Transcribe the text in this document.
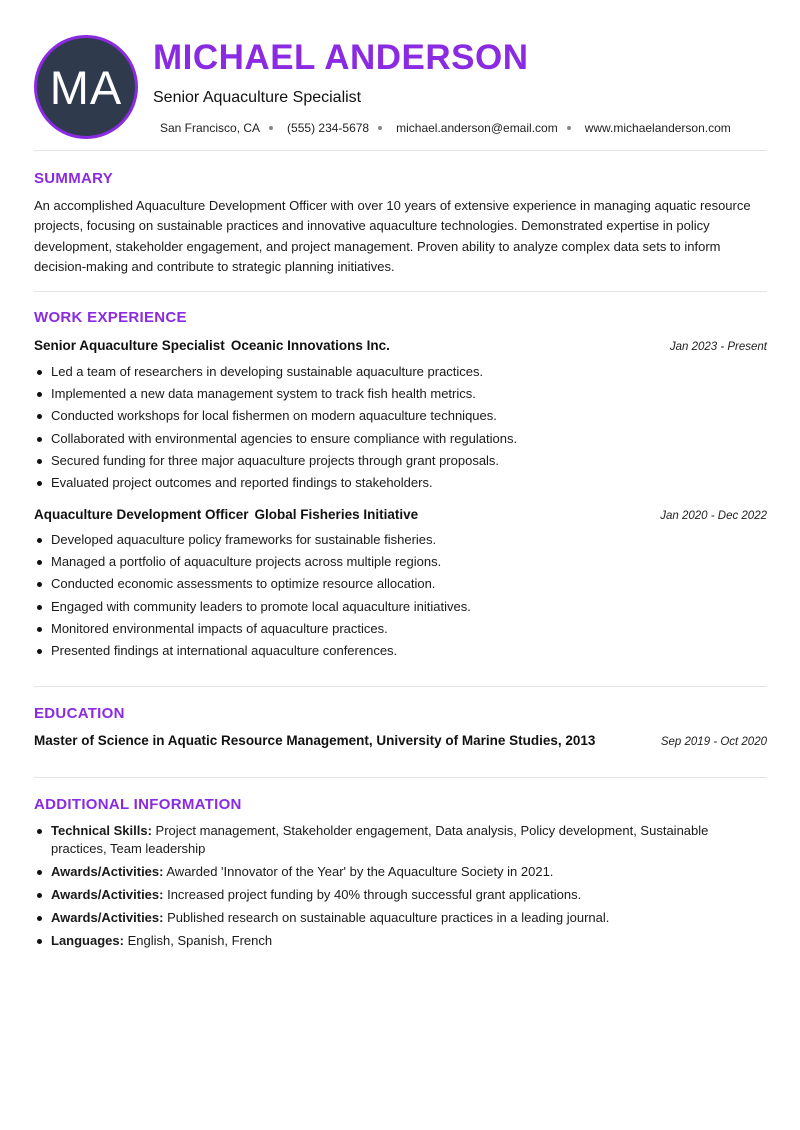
MA
MICHAEL ANDERSON
Senior Aquaculture Specialist
San Francisco, CA (555) 234-5678 michael.anderson@email.com www.michaelanderson.com
SUMMARY

An accomplished Aquaculture Development Officer with over 10 years of extensive experience in managing aquatic resource projects, focusing on sustainable practices and innovative aquaculture technologies. Demonstrated expertise in policy development, stakeholder engagement, and project management. Proven ability to analyze complex data sets to inform decision-making and contribute to strategic planning initiatives.

WORK EXPERIENCE
Senior Aquaculture Specialist Oceanic Innovations Inc.	Jan 2023 - Present
Led a team of researchers in developing sustainable aquaculture practices.
Implemented a new data management system to track fish health metrics.
Conducted workshops for local fishermen on modern aquaculture techniques.
Collaborated with environmental agencies to ensure compliance with regulations.
Secured funding for three major aquaculture projects through grant proposals.
Evaluated project outcomes and reported findings to stakeholders.
Aquaculture Development Officer Global Fisheries Initiative	Jan 2020 - Dec 2022
Developed aquaculture policy frameworks for sustainable fisheries.
Managed a portfolio of aquaculture projects across multiple regions.
Conducted economic assessments to optimize resource allocation.
Engaged with community leaders to promote local aquaculture initiatives.
Monitored environmental impacts of aquaculture practices.
Presented findings at international aquaculture conferences.
EDUCATION
Master of Science in Aquatic Resource Management, University of Marine Studies, 2013	Sep 2019 - Oct 2020
ADDITIONAL INFORMATION
Technical Skills: Project management, Stakeholder engagement, Data analysis, Policy development, Sustainable practices, Team leadership
Awards/Activities: Awarded 'Innovator of the Year' by the Aquaculture Society in 2021.
Awards/Activities: Increased project funding by 40% through successful grant applications.
Awards/Activities: Published research on sustainable aquaculture practices in a leading journal.
Languages: English, Spanish, French
